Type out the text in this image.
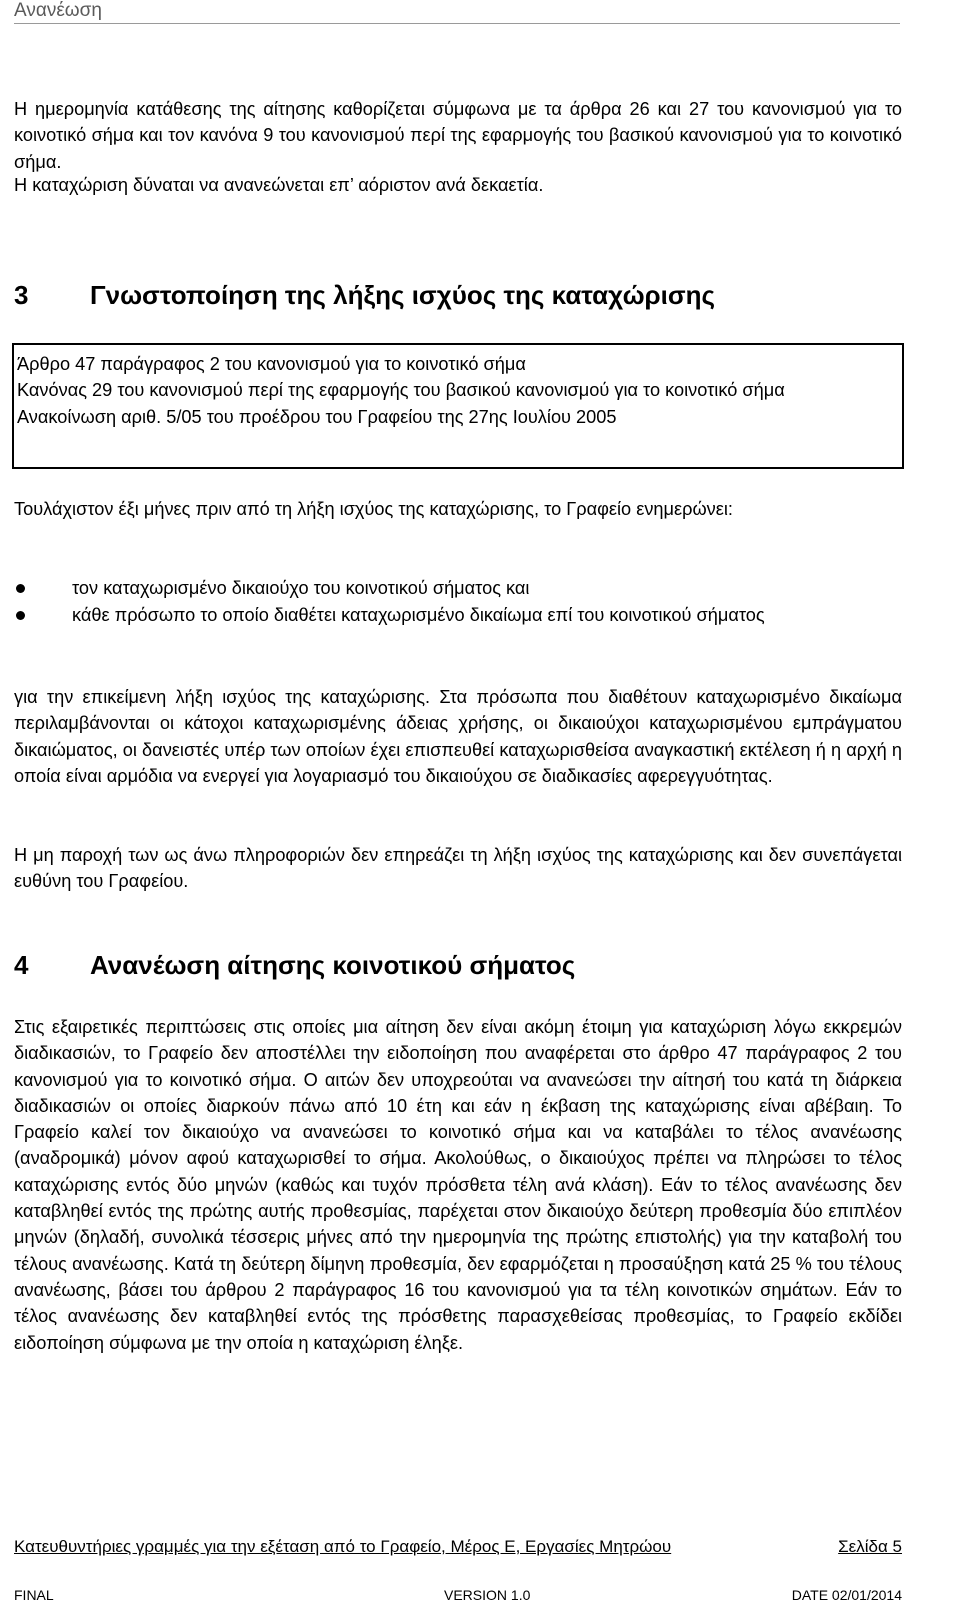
Ανανέωση

Η ημερομηνία κατάθεσης της αίτησης καθορίζεται σύμφωνα με τα άρθρα 26 και 27 του κανονισμού για το κοινοτικό σήμα και τον κανόνα 9 του κανονισμού περί της εφαρμογής του βασικού κανονισμού για το κοινοτικό σήμα.

Η καταχώριση δύναται να ανανεώνεται επ’ αόριστον ανά δεκαετία.

3 Γνωστοποίηση της λήξης ισχύος της καταχώρισης
Άρθρο 47 παράγραφος 2 του κανονισμού για το κοινοτικό σήμα
Κανόνας 29 του κανονισμού περί της εφαρμογής του βασικού κανονισμού για το κοινοτικό σήμα
Ανακοίνωση αριθ. 5/05 του προέδρου του Γραφείου της 27ης Ιουλίου 2005

Τουλάχιστον έξι μήνες πριν από τη λήξη ισχύος της καταχώρισης, το Γραφείο ενημερώνει:

τον καταχωρισμένο δικαιούχο του κοινοτικού σήματος και
κάθε πρόσωπο το οποίο διαθέτει καταχωρισμένο δικαίωμα επί του κοινοτικού σήματος

για την επικείμενη λήξη ισχύος της καταχώρισης. Στα πρόσωπα που διαθέτουν καταχωρισμένο δικαίωμα περιλαμβάνονται οι κάτοχοι καταχωρισμένης άδειας χρήσης, οι δικαιούχοι καταχωρισμένου εμπράγματου δικαιώματος, οι δανειστές υπέρ των οποίων έχει επισπευθεί καταχωρισθείσα αναγκαστική εκτέλεση ή η αρχή η οποία είναι αρμόδια να ενεργεί για λογαριασμό του δικαιούχου σε διαδικασίες αφερεγγυότητας.

Η μη παροχή των ως άνω πληροφοριών δεν επηρεάζει τη λήξη ισχύος της καταχώρισης και δεν συνεπάγεται ευθύνη του Γραφείου.

4 Ανανέωση αίτησης κοινοτικού σήματος

Στις εξαιρετικές περιπτώσεις στις οποίες μια αίτηση δεν είναι ακόμη έτοιμη για καταχώριση λόγω εκκρεμών διαδικασιών, το Γραφείο δεν αποστέλλει την ειδοποίηση που αναφέρεται στο άρθρο 47 παράγραφος 2 του κανονισμού για το κοινοτικό σήμα. Ο αιτών δεν υποχρεούται να ανανεώσει την αίτησή του κατά τη διάρκεια διαδικασιών οι οποίες διαρκούν πάνω από 10 έτη και εάν η έκβαση της καταχώρισης είναι αβέβαιη. Το Γραφείο καλεί τον δικαιούχο να ανανεώσει το κοινοτικό σήμα και να καταβάλει το τέλος ανανέωσης (αναδρομικά) μόνον αφού καταχωρισθεί το σήμα. Ακολούθως, ο δικαιούχος πρέπει να πληρώσει το τέλος καταχώρισης εντός δύο μηνών (καθώς και τυχόν πρόσθετα τέλη ανά κλάση). Εάν το τέλος ανανέωσης δεν καταβληθεί εντός της πρώτης αυτής προθεσμίας, παρέχεται στον δικαιούχο δεύτερη προθεσμία δύο επιπλέον μηνών (δηλαδή, συνολικά τέσσερις μήνες από την ημερομηνία της πρώτης επιστολής) για την καταβολή του τέλους ανανέωσης. Κατά τη δεύτερη δίμηνη προθεσμία, δεν εφαρμόζεται η προσαύξηση κατά 25 % του τέλους ανανέωσης, βάσει του άρθρου 2 παράγραφος 16 του κανονισμού για τα τέλη κοινοτικών σημάτων. Εάν το τέλος ανανέωσης δεν καταβληθεί εντός της πρόσθετης παρασχεθείσας προθεσμίας, το Γραφείο εκδίδει ειδοποίηση σύμφωνα με την οποία η καταχώριση έληξε.

Κατευθυντήριες γραμμές για την εξέταση από το Γραφείο, Μέρος Ε, Εργασίες Μητρώου	Σελίδα 5
FINAL	VERSION 1.0	DATE 02/01/2014
